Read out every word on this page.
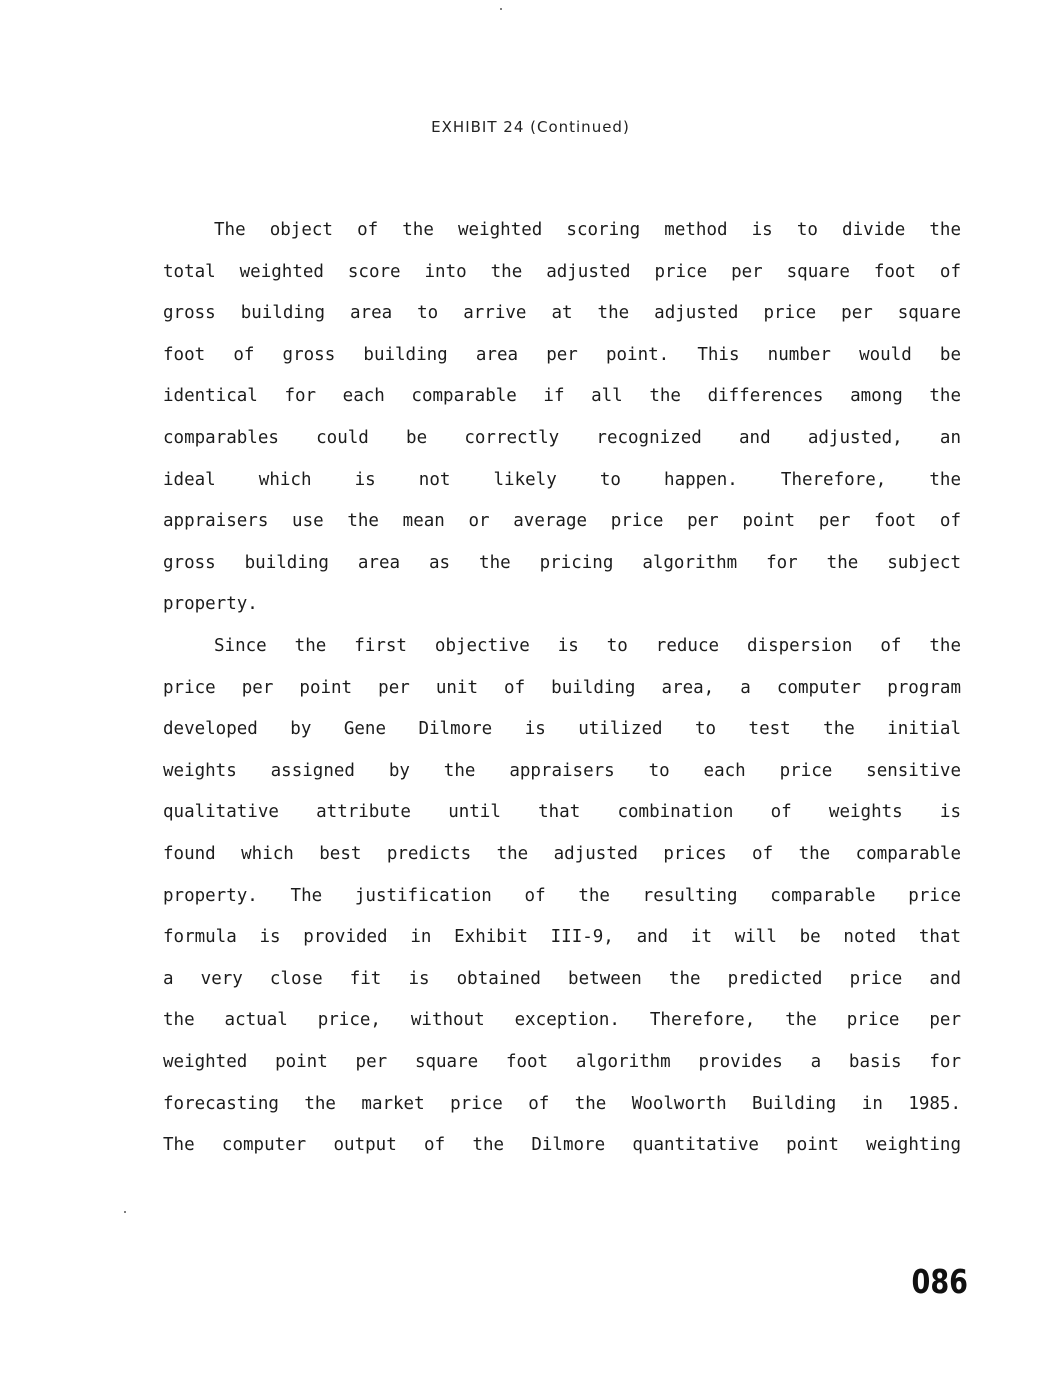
EXHIBIT 24 (Continued)
The object of the weighted scoring method is to divide the
total weighted score into the adjusted price per square foot of
gross building area to arrive at the adjusted price per square
foot of gross building area per point. This number would be
identical for each comparable if all the differences among the
comparables could be correctly recognized and adjusted, an
ideal which is not likely to happen. Therefore, the
appraisers use the mean or average price per point per foot of
gross building area as the pricing algorithm for the subject
property.
Since the first objective is to reduce dispersion of the
price per point per unit of building area, a computer program
developed by Gene Dilmore is utilized to test the initial
weights assigned by the appraisers to each price sensitive
qualitative attribute until that combination of weights is
found which best predicts the adjusted prices of the comparable
property. The justification of the resulting comparable price
formula is provided in Exhibit III-9, and it will be noted that
a very close fit is obtained between the predicted price and
the actual price, without exception. Therefore, the price per
weighted point per square foot algorithm provides a basis for
forecasting the market price of the Woolworth Building in 1985.
The computer output of the Dilmore quantitative point weighting
086
